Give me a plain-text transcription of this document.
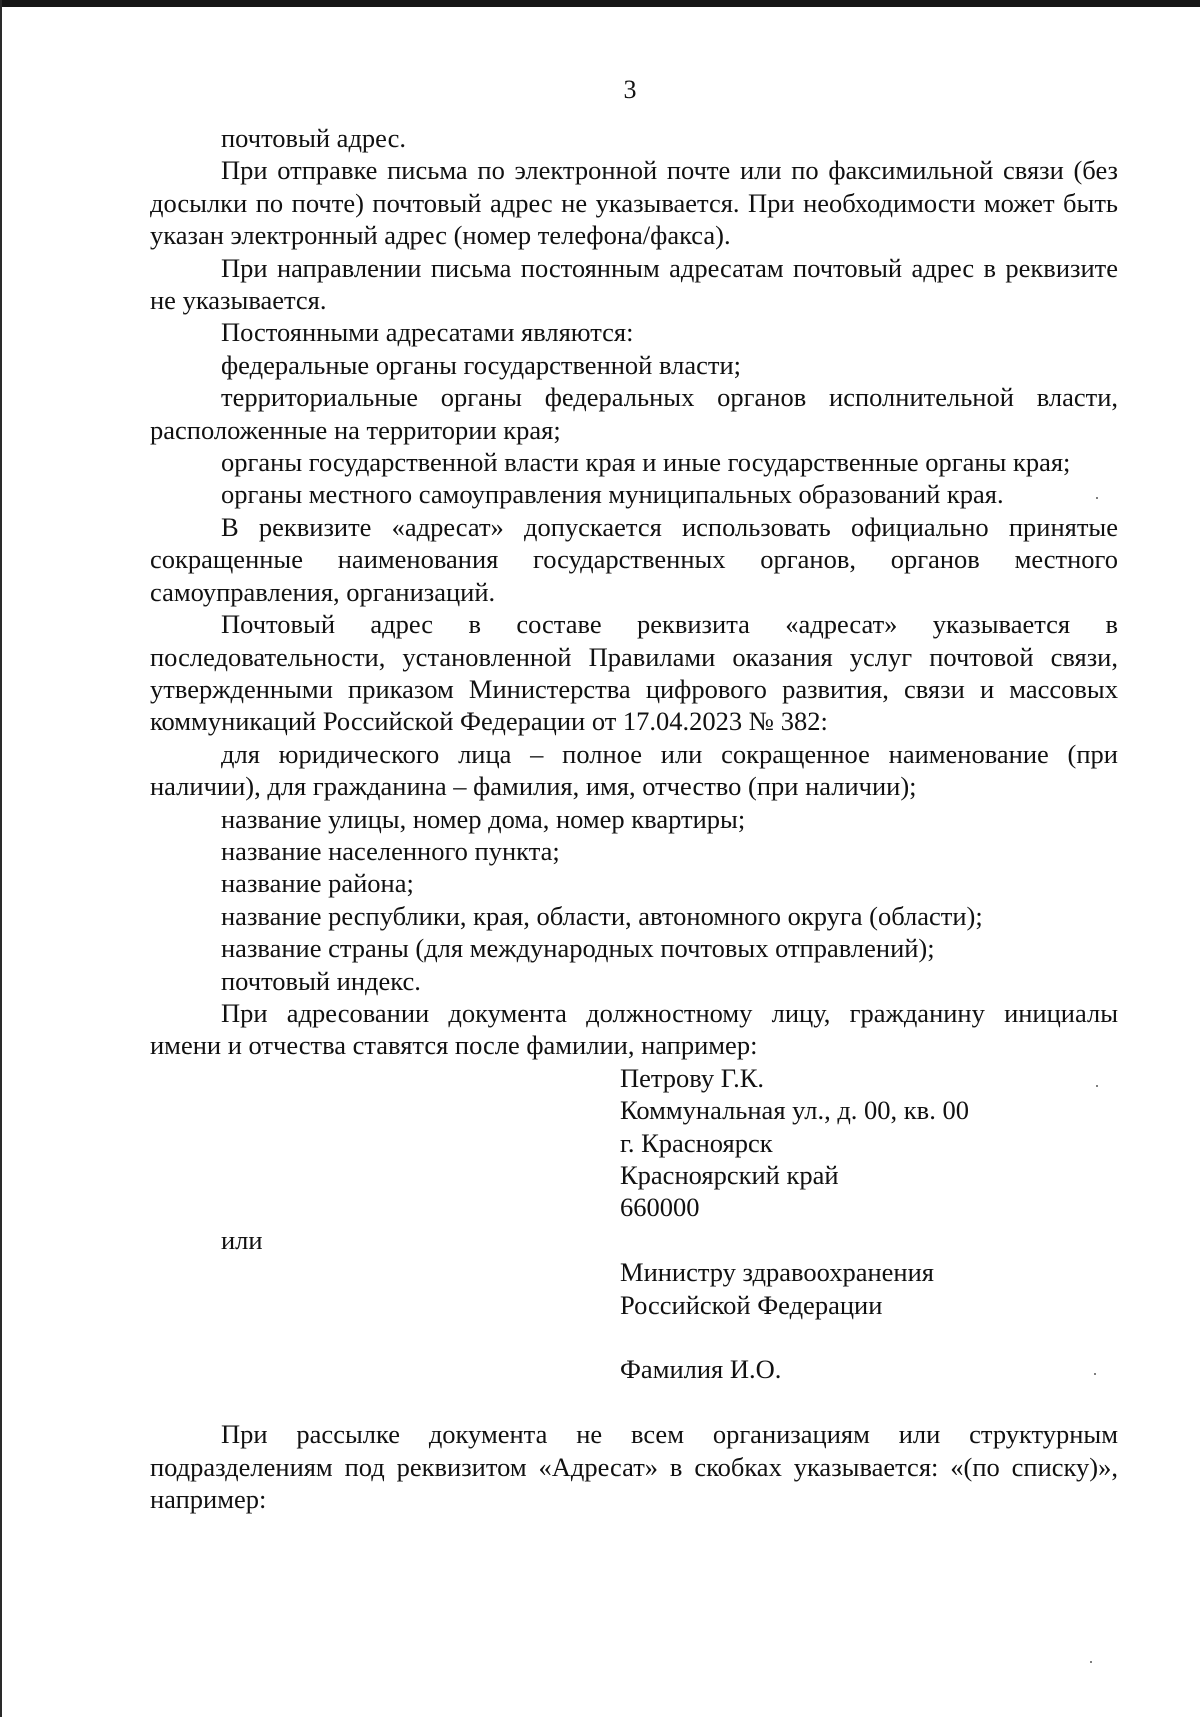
3

почтовый адрес.

При отправке письма по электронной почте или по факсимильной связи (без досылки по почте) почтовый адрес не указывается. При необходимости может быть указан электронный адрес (номер телефона/факса).

При направлении письма постоянным адресатам почтовый адрес в реквизите не указывается.

Постоянными адресатами являются:

федеральные органы государственной власти;

территориальные органы федеральных органов исполнительной власти, расположенные на территории края;

органы государственной власти края и иные государственные органы края;

органы местного самоуправления муниципальных образований края.

В реквизите «адресат» допускается использовать официально принятые сокращенные наименования государственных органов, органов местного самоуправления, организаций.

Почтовый адрес в составе реквизита «адресат» указывается в последовательности, установленной Правилами оказания услуг почтовой связи, утвержденными приказом Министерства цифрового развития, связи и массовых коммуникаций Российской Федерации от 17.04.2023 № 382:

для юридического лица – полное или сокращенное наименование (при наличии), для гражданина – фамилия, имя, отчество (при наличии);

название улицы, номер дома, номер квартиры;

название населенного пункта;

название района;

название республики, края, области, автономного округа (области);

название страны (для международных почтовых отправлений);

почтовый индекс.

При адресовании документа должностному лицу, гражданину инициалы имени и отчества ставятся после фамилии, например:

Петрову Г.К.
Коммунальная ул., д. 00, кв. 00
г. Красноярск
Красноярский край
660000
или
Министру здравоохранения
Российской Федерации
Фамилия И.О.

При рассылке документа не всем организациям или структурным подразделениям под реквизитом «Адресат» в скобках указывается: «(по списку)», например:
